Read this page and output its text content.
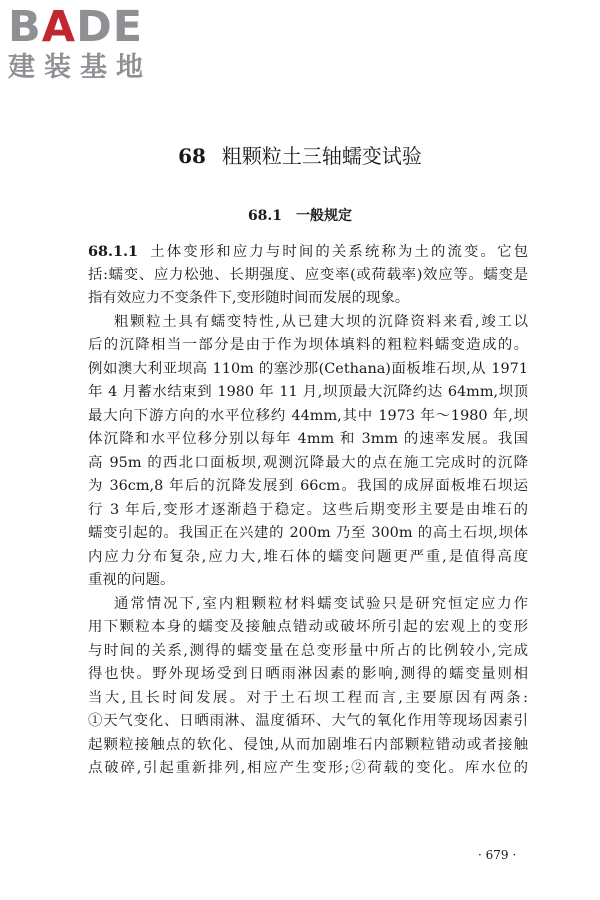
BADE
建装基地
68 粗颗粒土三轴蠕变试验
68.1 一般规定
68.1.1 土体变形和应力与时间的关系统称为土的流变。它包
括:蠕变、应力松弛、长期强度、应变率(或荷载率)效应等。蠕变是
指有效应力不变条件下,变形随时间而发展的现象。
粗颗粒土具有蠕变特性,从已建大坝的沉降资料来看,竣工以
后的沉降相当一部分是由于作为坝体填料的粗粒料蠕变造成的。
例如澳大利亚坝高 110m 的塞沙那(Cethana)面板堆石坝,从 1971
年 4 月蓄水结束到 1980 年 11 月,坝顶最大沉降约达 64mm,坝顶
最大向下游方向的水平位移约 44mm,其中 1973 年～1980 年,坝
体沉降和水平位移分别以每年 4mm 和 3mm 的速率发展。我国
高 95m 的西北口面板坝,观测沉降最大的点在施工完成时的沉降
为 36cm,8 年后的沉降发展到 66cm。我国的成屏面板堆石坝运
行 3 年后,变形才逐渐趋于稳定。这些后期变形主要是由堆石的
蠕变引起的。我国正在兴建的 200m 乃至 300m 的高土石坝,坝体
内应力分布复杂,应力大,堆石体的蠕变问题更严重,是值得高度
重视的问题。
通常情况下,室内粗颗粒材料蠕变试验只是研究恒定应力作
用下颗粒本身的蠕变及接触点错动或破坏所引起的宏观上的变形
与时间的关系,测得的蠕变量在总变形量中所占的比例较小,完成
得也快。野外现场受到日晒雨淋因素的影响,测得的蠕变量则相
当大,且长时间发展。对于土石坝工程而言,主要原因有两条:
①天气变化、日晒雨淋、温度循环、大气的氧化作用等现场因素引
起颗粒接触点的软化、侵蚀,从而加剧堆石内部颗粒错动或者接触
点破碎,引起重新排列,相应产生变形;②荷载的变化。库水位的
· 679 ·
